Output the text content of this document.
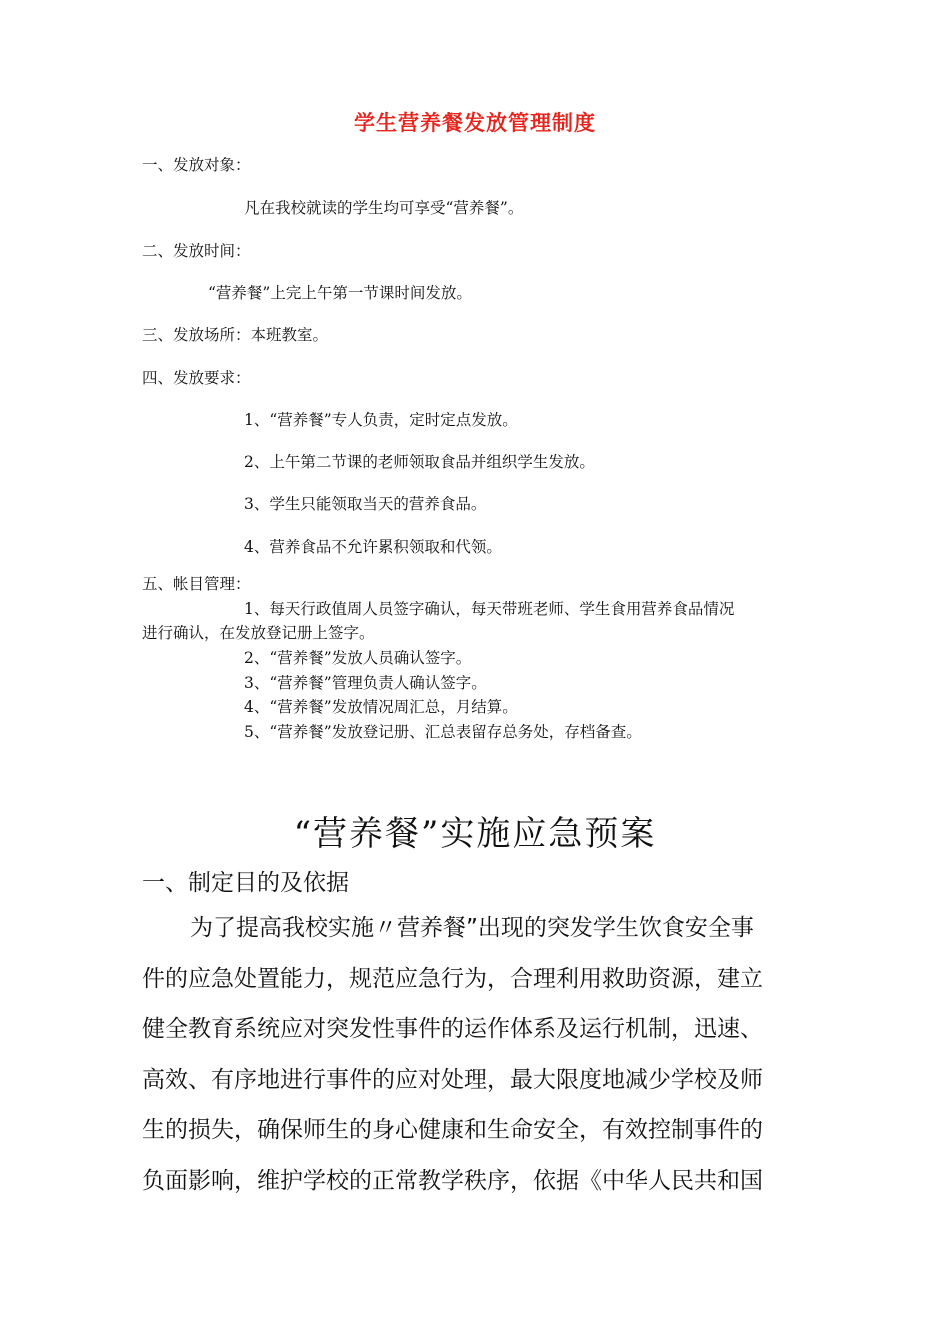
学生营养餐发放管理制度
一、发放对象：
凡在我校就读的学生均可享受“营养餐”。
二、发放时间：
“营养餐”上完上午第一节课时间发放。
三、发放场所：本班教室。
四、发放要求：
1、“营养餐”专人负责，定时定点发放。
2、上午第二节课的老师领取食品并组织学生发放。
3、学生只能领取当天的营养食品。
4、营养食品不允许累积领取和代领。
五、帐目管理：
1、每天行政值周人员签字确认，每天带班老师、学生食用营养食品情况
进行确认，在发放登记册上签字。
2、“营养餐”发放人员确认签字。
3、“营养餐”管理负责人确认签字。
4、“营养餐”发放情况周汇总，月结算。
5、“营养餐”发放登记册、汇总表留存总务处，存档备查。
“营养餐”实施应急预案
一、制定目的及依据
为了提高我校实施〃营养餐”出现的突发学生饮食安全事
件的应急处置能力，规范应急行为，合理利用救助资源，建立
健全教育系统应对突发性事件的运作体系及运行机制，迅速、
高效、有序地进行事件的应对处理，最大限度地减少学校及师
生的损失，确保师生的身心健康和生命安全，有效控制事件的
负面影响，维护学校的正常教学秩序，依据《中华人民共和国
